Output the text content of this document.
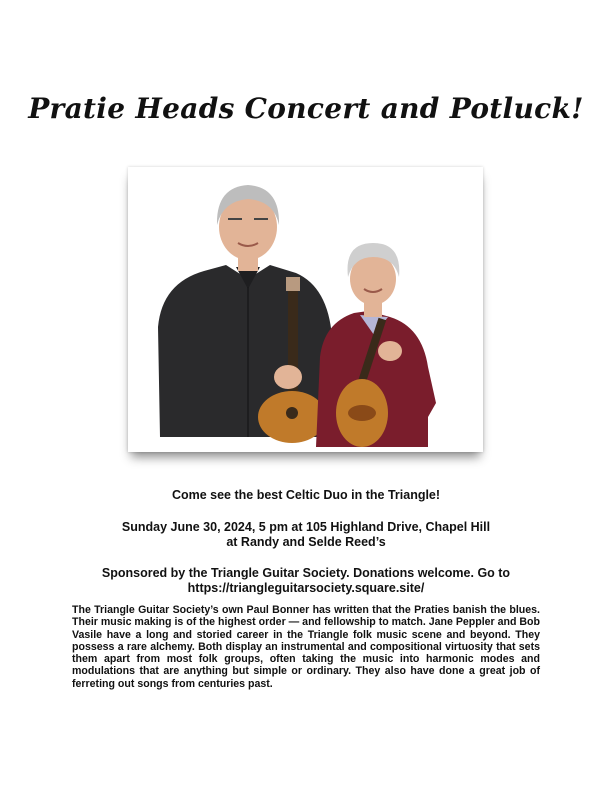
Pratie Heads Concert and Potluck!
Come see the best Celtic Duo in the Triangle!
Sunday June 30, 2024, 5 pm at 105 Highland Drive, Chapel Hill
at Randy and Selde Reed’s
Sponsored by the Triangle Guitar Society. Donations welcome. Go to
https://triangleguitarsociety.square.site/
The Triangle Guitar Society’s own Paul Bonner has written that the Praties banish the blues. Their music making is of the highest order — and fellowship to match. Jane Peppler and Bob Vasile have a long and storied career in the Triangle folk music scene and beyond. They possess a rare alchemy. Both display an instrumental and compositional virtuosity that sets them apart from most folk groups, often taking the music into harmonic modes and modulations that are anything but simple or ordinary. They also have done a great job of ferreting out songs from centuries past.
